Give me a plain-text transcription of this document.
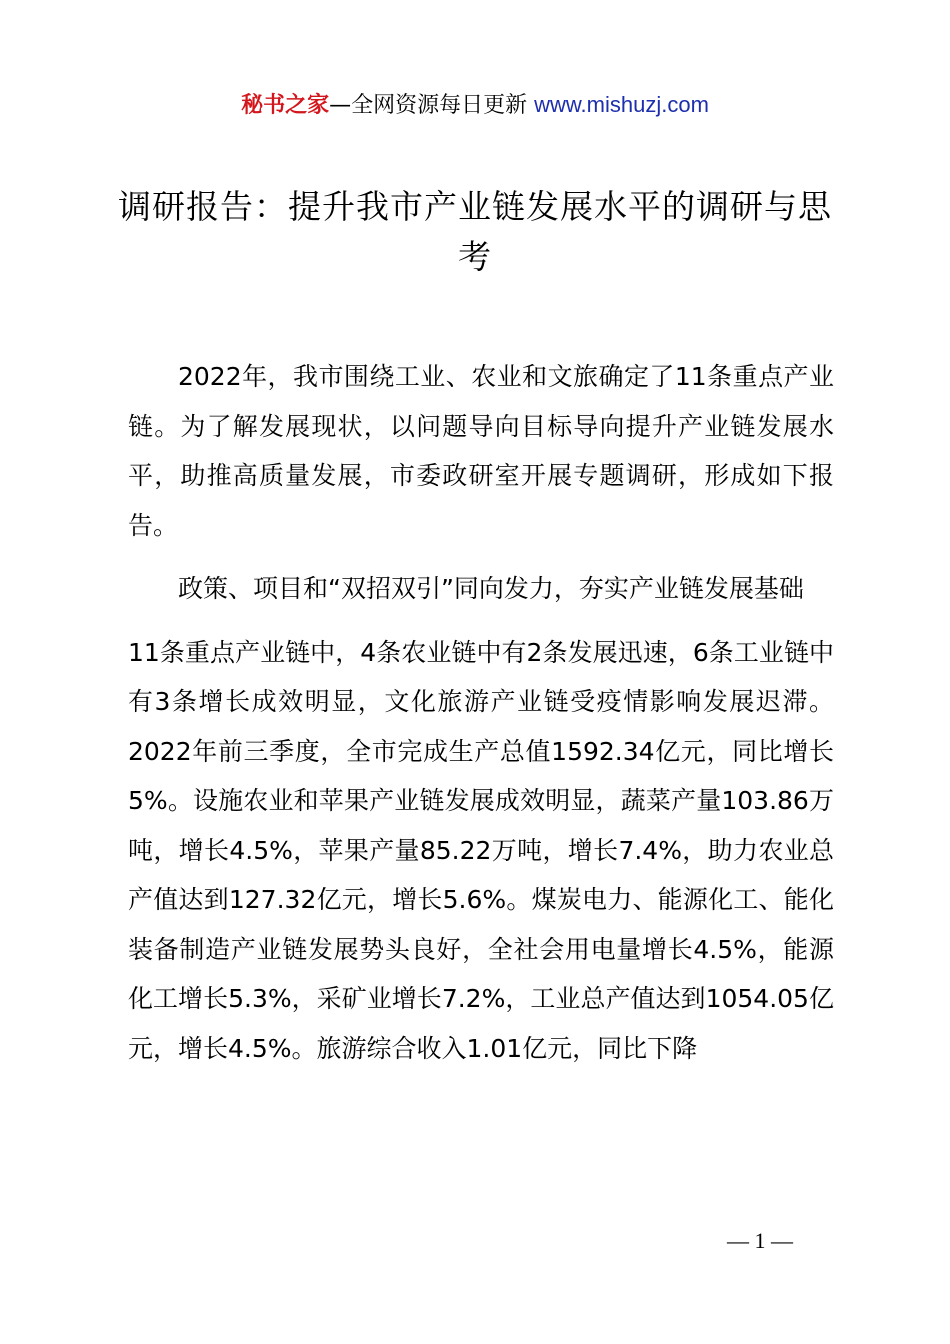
秘书之家—全网资源每日更新 www.mishuzj.com
调研报告：提升我市产业链发展水平的调研与思考

2022年，我市围绕工业、农业和文旅确定了11条重点产业链。为了解发展现状，以问题导向目标导向提升产业链发展水平，助推高质量发展，市委政研室开展专题调研，形成如下报告。

政策、项目和“双招双引”同向发力，夯实产业链发展基础

11条重点产业链中，4条农业链中有2条发展迅速，6条工业链中有3条增长成效明显，文化旅游产业链受疫情影响发展迟滞。2022年前三季度，全市完成生产总值1592.34亿元，同比增长5%。设施农业和苹果产业链发展成效明显，蔬菜产量103.86万吨，增长4.5%，苹果产量85.22万吨，增长7.4%，助力农业总产值达到127.32亿元，增长5.6%。煤炭电力、能源化工、能化装备制造产业链发展势头良好，全社会用电量增长4.5%，能源化工增长5.3%，采矿业增长7.2%，工业总产值达到1054.05亿元，增长4.5%。旅游综合收入1.01亿元，同比下降

— 1 —
